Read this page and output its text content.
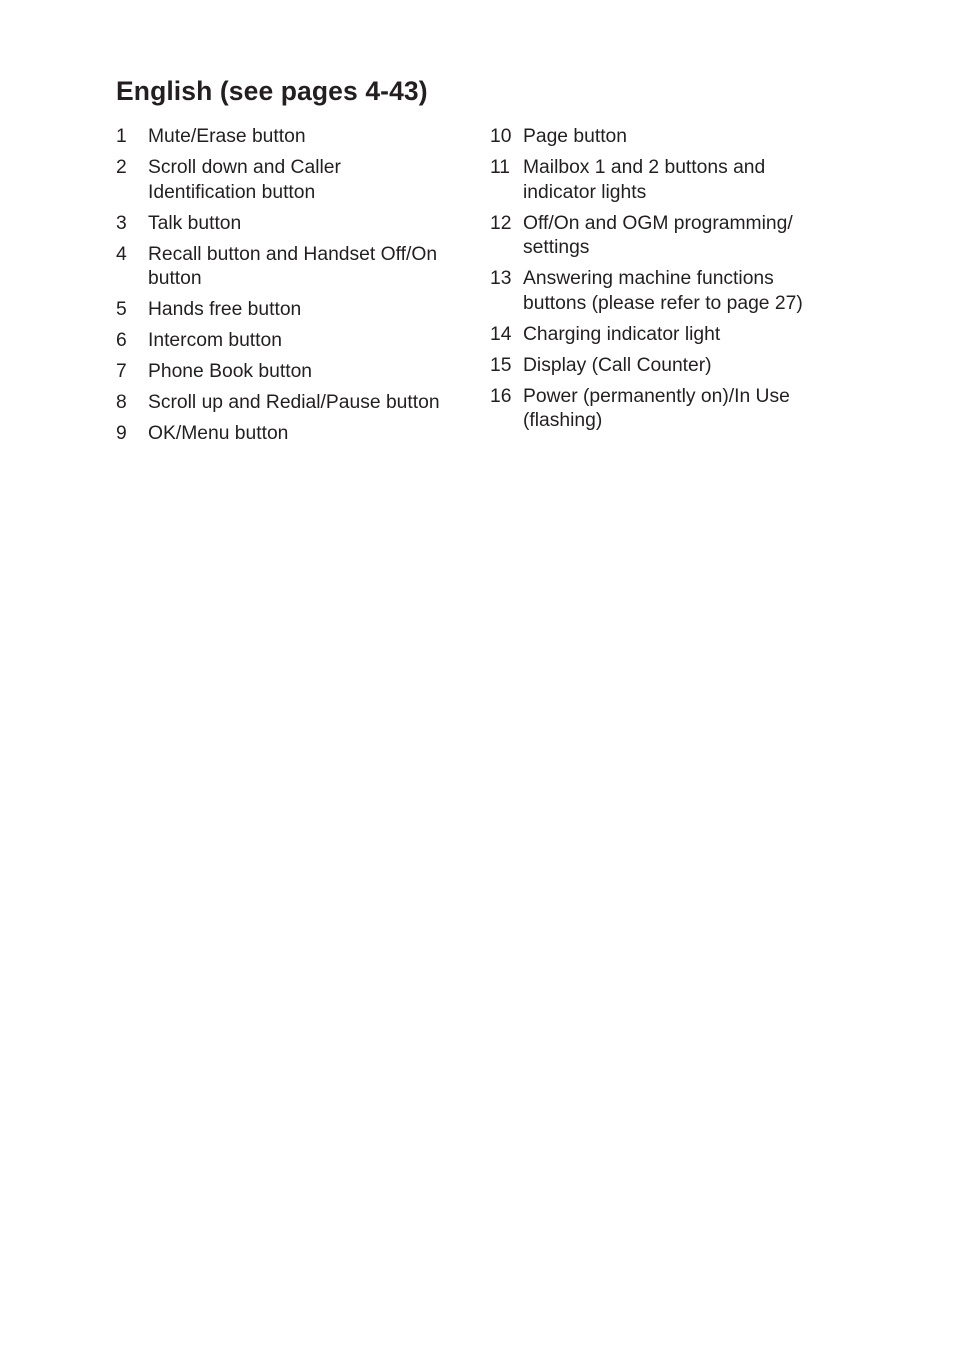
English (see pages 4-43)
1	Mute/Erase button
2	Scroll down and Caller
Identification button
3	Talk button
4	Recall button and Handset Off/On
button
5	Hands free button
6	Intercom button
7	Phone Book button
8	Scroll up and Redial/Pause button
9	OK/Menu button
10 Page button
11 Mailbox 1 and 2 buttons and
indicator lights
12 Off/On and OGM programming/
settings
13 Answering machine functions
buttons (please refer to page 27)
14 Charging indicator light
15 Display (Call Counter)
16 Power (permanently on)/In Use
(flashing)
